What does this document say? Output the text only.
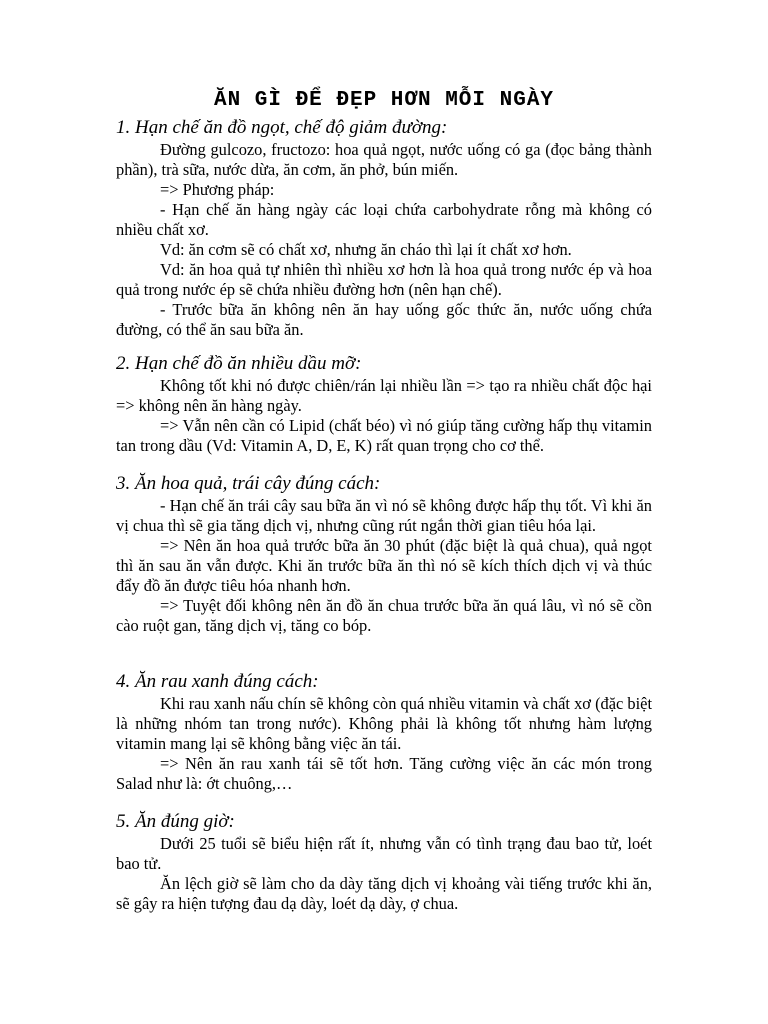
ĂN GÌ ĐỂ ĐẸP HƠN MỖI NGÀY

1. Hạn chế ăn đồ ngọt, chế độ giảm đường:

Đường gulcozo, fructozo: hoa quả ngọt, nước uống có ga (đọc bảng thành phần), trà sữa, nước dừa, ăn cơm, ăn phở, bún miến.

=> Phương pháp:

- Hạn chế ăn hàng ngày các loại chứa carbohydrate rỗng mà không có nhiều chất xơ.

Vd: ăn cơm sẽ có chất xơ, nhưng ăn cháo thì lại ít chất xơ hơn.

Vd: ăn hoa quả tự nhiên thì nhiều xơ hơn là hoa quả trong nước ép và hoa quả trong nước ép sẽ chứa nhiều đường hơn (nên hạn chế).

- Trước bữa ăn không nên ăn hay uống gốc thức ăn, nước uống chứa đường, có thể ăn sau bữa ăn.

2. Hạn chế đồ ăn nhiều dầu mỡ:

Không tốt khi nó được chiên/rán lại nhiều lần => tạo ra nhiều chất độc hại => không nên ăn hàng ngày.

=> Vẫn nên cần có Lipid (chất béo) vì nó giúp tăng cường hấp thụ vitamin tan trong dầu (Vd: Vitamin A, D, E, K) rất quan trọng cho cơ thể.

3. Ăn hoa quả, trái cây đúng cách:

- Hạn chế ăn trái cây sau bữa ăn vì nó sẽ không được hấp thụ tốt. Vì khi ăn vị chua thì sẽ gia tăng dịch vị, nhưng cũng rút ngắn thời gian tiêu hóa lại.

=> Nên ăn hoa quả trước bữa ăn 30 phút (đặc biệt là quả chua), quả ngọt thì ăn sau ăn vẫn được. Khi ăn trước bữa ăn thì nó sẽ kích thích dịch vị và thúc đẩy đồ ăn được tiêu hóa nhanh hơn.

=> Tuyệt đối không nên ăn đồ ăn chua trước bữa ăn quá lâu, vì nó sẽ cồn cào ruột gan, tăng dịch vị, tăng co bóp.

4. Ăn rau xanh đúng cách:

Khi rau xanh nấu chín sẽ không còn quá nhiều vitamin và chất xơ (đặc biệt là những nhóm tan trong nước). Không phải là không tốt nhưng hàm lượng vitamin mang lại sẽ không bằng việc ăn tái.

=> Nên ăn rau xanh tái sẽ tốt hơn. Tăng cường việc ăn các món trong Salad như là: ớt chuông,…

5. Ăn đúng giờ:

Dưới 25 tuổi sẽ biểu hiện rất ít, nhưng vẫn có tình trạng đau bao tử, loét bao tử.

Ăn lệch giờ sẽ làm cho da dày tăng dịch vị khoảng vài tiếng trước khi ăn, sẽ gây ra hiện tượng đau dạ dày, loét dạ dày, ợ chua.
